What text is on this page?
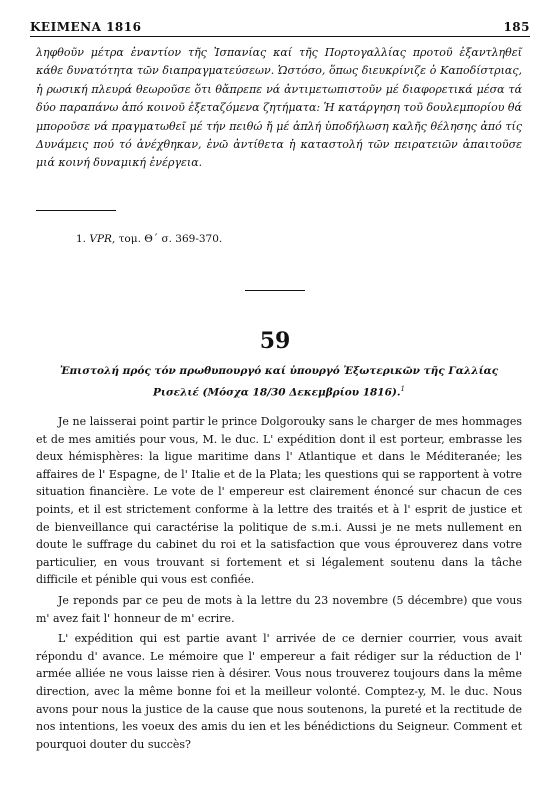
ΚΕΙΜΕΝΑ 1816	185

ληφθοῦν μέτρα ἐναντίον τῆς Ἰσπανίας καί τῆς Πορτογαλλίας προτοῦ ἐξαντληθεῖ κάθε δυνατότητα τῶν διαπραγματεύσεων. Ὡστόσο, ὅπως διευκρίνιζε ὁ Καποδίστριας, ἡ ρωσική πλευρά θεωροῦσε ὅτι θἄπρεπε νά ἀντιμετωπιστοῦν μέ διαφορετικά μέσα τά δύο παραπάνω ἀπό κοινοῦ ἐξεταζόμενα ζητήματα: Ἡ κατάργηση τοῦ δουλεμπορίου θά μποροῦσε νά πραγματωθεῖ μέ τήν πειθώ ἤ μέ ἁπλή ὑποδήλωση καλῆς θέλησης ἀπό τίς Δυνάμεις πού τό ἀνέχθηκαν, ἐνῶ ἀντίθετα ἡ καταστολή τῶν πειρατειῶν ἀπαιτοῦσε μιά κοινή δυναμική ἐνέργεια.

1. VPR, τομ. Θ΄ σ. 369-370.
59
Ἐπιστολή πρός τόν πρωθυπουργό καί ὑπουργό Ἐξωτερικῶν τῆς Γαλλίας Ρισελιέ (Μόσχα 18/30 Δεκεμβρίου 1816).$^1$

Je ne laisserai point partir le prince Dolgorouky sans le charger de mes hommages et de mes amitiés pour vous, M. le duc. L' expédition dont il est porteur, embrasse les deux hémisphères: la ligue maritime dans l' Atlantique et dans le Méditeranée; les affaires de l' Espagne, de l' Italie et de la Plata; les questions qui se rapportent à votre situation financière. Le vote de l' empereur est clairement énoncé sur chacun de ces points, et il est strictement conforme à la lettre des traités et à l' esprit de justice et de bienveillance qui caractérise la politique de s.m.i. Aussi je ne mets nullement en doute le suffrage du cabinet du roi et la satisfaction que vous éprouverez dans votre particulier, en vous trouvant si fortement et si légalement soutenu dans la tâche difficile et pénible qui vous est confiée.

Je reponds par ce peu de mots à la lettre du 23 novembre (5 décembre) que vous m' avez fait l' honneur de m' ecrire.

L' expédition qui est partie avant l' arrivée de ce dernier courrier, vous avait répondu d' avance. Le mémoire que l' empereur a fait rédiger sur la réduction de l' armée alliée ne vous laisse rien à désirer. Vous nous trouverez toujours dans la même direction, avec la même bonne foi et la meilleur volonté. Comptez-y, M. le duc. Nous avons pour nous la justice de la cause que nous soutenons, la pureté et la rectitude de nos intentions, les voeux des amis du ien et les bénédictions du Seigneur. Comment et pourquoi douter du succès?
